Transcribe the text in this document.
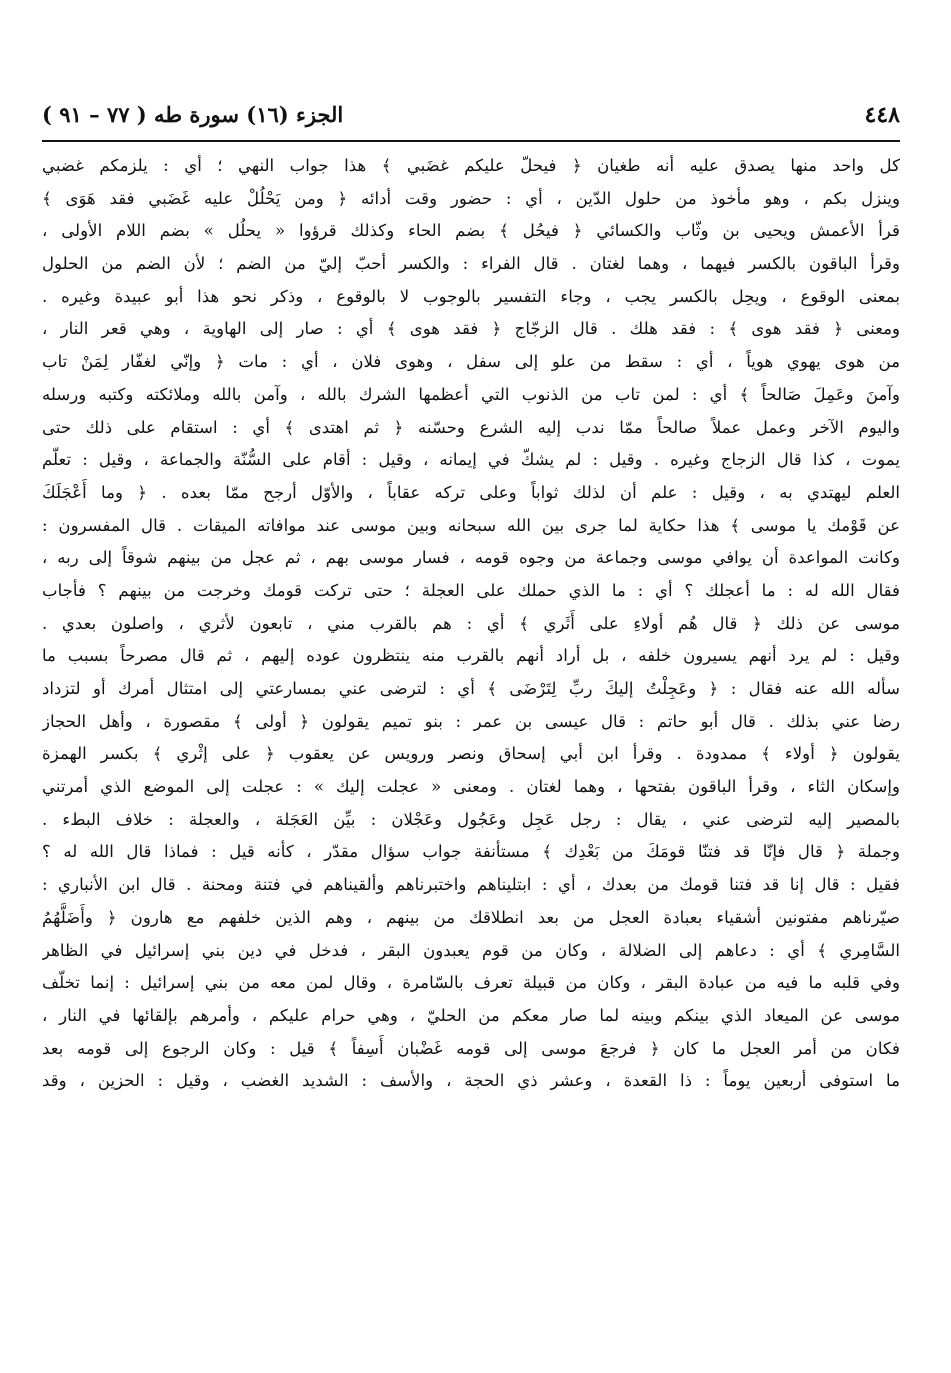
٤٤٨
الجزء (١٦) سورة طه ( ٧٧ – ٩١ )
كل واحد منها يصدق عليه أنه طغيان ﴿ فيحلّ عليكم غضَبي ﴾ هذا جواب النهي ؛ أي : يلزمكم غضبي
وينزل بكم ، وهو مأخوذ من حلول الدّين ، أي : حضور وقت أدائه ﴿ ومن يَحْلُلْ عليه غَضَبي فقد هَوَى ﴾
قرأ الأعمش ويحيى بن وثّاب والكسائي ﴿ فيحُل ﴾ بضم الحاء وكذلك قرؤوا « يحلُل » بضم اللام الأولى ،
وقرأ الباقون بالكسر فيهما ، وهما لغتان . قال الفراء : والكسر أحبّ إليّ من الضم ؛ لأن الضم من الحلول
بمعنى الوقوع ، ويحِل بالكسر يجب ، وجاء التفسير بالوجوب لا بالوقوع ، وذكر نحو هذا أبو عبيدة وغيره .
ومعنى ﴿ فقد هوى ﴾ : فقد هلك . قال الزجّاج ﴿ فقد هوى ﴾ أي : صار إلى الهاوية ، وهي قعر النار ،
من هوى يهوي هوياً ، أي : سقط من علو إلى سفل ، وهوى فلان ، أي : مات ﴿ وإنّي لغفّار لِمَنْ تاب
وآمنَ وعَمِلَ صَالحاً ﴾ أي : لمن تاب من الذنوب التي أعظمها الشرك بالله ، وآمن بالله وملائكته وكتبه ورسله
واليوم الآخر وعمل عملاً صالحاً ممّا ندب إليه الشرع وحسّنه ﴿ ثم اهتدى ﴾ أي : استقام على ذلك حتى
يموت ، كذا قال الزجاج وغيره . وقيل : لم يشكّ في إيمانه ، وقيل : أقام على السُّنّة والجماعة ، وقيل : تعلّم
العلم ليهتدي به ، وقيل : علم أن لذلك ثواباً وعلى تركه عقاباً ، والأوّل أرجح ممّا بعده . ﴿ وما أَعْجَلَكَ
عن قَوْمك يا موسى ﴾ هذا حكاية لما جرى بين الله سبحانه وبين موسى عند موافاته الميقات . قال المفسرون :
وكانت المواعدة أن يوافي موسى وجماعة من وجوه قومه ، فسار موسى بهم ، ثم عجل من بينهم شوقاً إلى ربه ،
فقال الله له : ما أعجلك ؟ أي : ما الذي حملك على العجلة ؛ حتى تركت قومك وخرجت من بينهم ؟ فأجاب
موسى عن ذلك ﴿ قال هُم أولاءِ على أَثَري ﴾ أي : هم بالقرب مني ، تابعون لأثري ، واصلون بعدي .
وقيل : لم يرد أنهم يسيرون خلفه ، بل أراد أنهم بالقرب منه ينتظرون عوده إليهم ، ثم قال مصرحاً بسبب ما
سأله الله عنه فقال : ﴿ وعَجِلْتُ إليكَ ربِّ لِتَرْضَى ﴾ أي : لترضى عني بمسارعتي إلى امتثال أمرك أو لتزداد
رضا عني بذلك . قال أبو حاتم : قال عيسى بن عمر : بنو تميم يقولون ﴿ أولى ﴾ مقصورة ، وأهل الحجاز
يقولون ﴿ أولاء ﴾ ممدودة . وقرأ ابن أبي إسحاق ونصر ورويس عن يعقوب ﴿ على إثْري ﴾ بكسر الهمزة
وإسكان الثاء ، وقرأ الباقون بفتحها ، وهما لغتان . ومعنى « عجلت إليك » : عجلت إلى الموضع الذي أمرتني
بالمصير إليه لترضى عني ، يقال : رجل عَجِل وعَجُول وعَجْلان : بيِّن العَجَلة ، والعجلة : خلاف البطء .
وجملة ﴿ قال فإنّا قد فتنّا قومَكَ من بَعْدِك ﴾ مستأنفة جواب سؤال مقدّر ، كأنه قيل : فماذا قال الله له ؟
فقيل : قال إنا قد فتنا قومك من بعدك ، أي : ابتليناهم واختبرناهم وألقيناهم في فتنة ومحنة . قال ابن الأنباري :
صيّرناهم مفتونين أشقياء بعبادة العجل من بعد انطلاقك من بينهم ، وهم الذين خلفهم مع هارون ﴿ وأَضَلَّهُمُ
السَّامِري ﴾ أي : دعاهم إلى الضلالة ، وكان من قوم يعبدون البقر ، فدخل في دين بني إسرائيل في الظاهر
وفي قلبه ما فيه من عبادة البقر ، وكان من قبيلة تعرف بالسّامرة ، وقال لمن معه من بني إسرائيل : إنما تخلّف
موسى عن الميعاد الذي بينكم وبينه لما صار معكم من الحليّ ، وهي حرام عليكم ، وأمرهم بإلقائها في النار ،
فكان من أمر العجل ما كان ﴿ فرجعَ موسى إلى قومه غَضْبان أَسِفاً ﴾ قيل : وكان الرجوع إلى قومه بعد
ما استوفى أربعين يوماً : ذا القعدة ، وعشر ذي الحجة ، والأسف : الشديد الغضب ، وقيل : الحزين ، وقد
